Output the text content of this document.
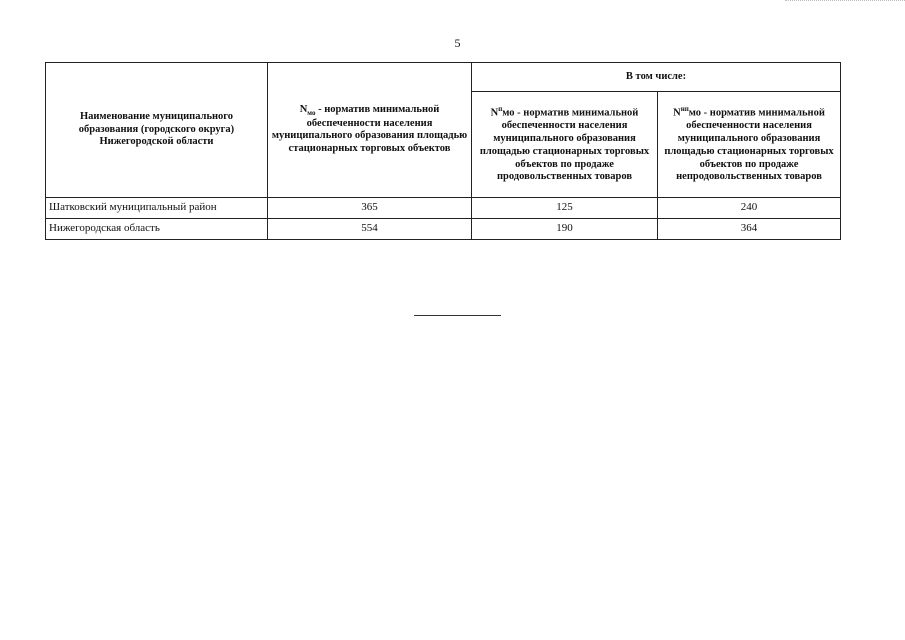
5
Наименование муниципального образования (городского округа) Нижегородской области	$N_{мо}$ - норматив минимальной обеспеченности населения муниципального образования площадью стационарных торговых объектов	В том числе:	
		$N^пмо$ - норматив минимальной обеспеченности населения муниципального образования площадью стационарных торговых объектов по продаже продовольственных товаров	$N^{нп}мо$ - норматив минимальной обеспеченности населения муниципального образования площадью стационарных торговых объектов по продаже непродовольственных товаров
Шатковский муниципальный район	365	125	240
Нижегородская область	554	190	364
